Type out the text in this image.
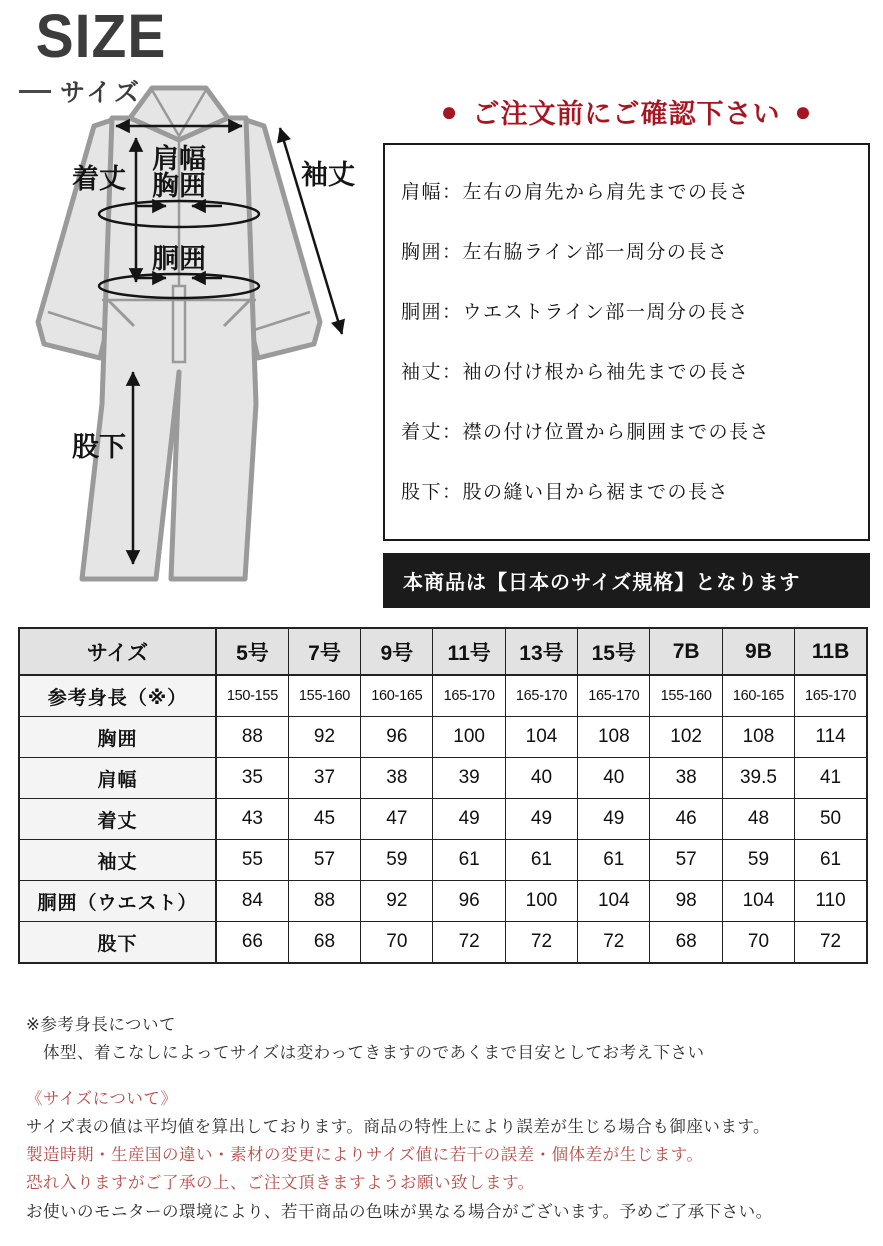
SIZE
サイズ
肩幅
着丈 胸囲
胴囲
袖丈
股下
● ご注文前にご確認下さい ●

肩幅：左右の肩先から肩先までの長さ

胸囲：左右脇ライン部一周分の長さ

胴囲：ウエストライン部一周分の長さ

袖丈：袖の付け根から袖先までの長さ

着丈：襟の付け位置から胴囲までの長さ

股下：股の縫い目から裾までの長さ

本商品は【日本のサイズ規格】となります
サイズ	5号	7号	9号	11号	13号	15号	7B	9B	11B
参考身長（※）	150-155	155-160	160-165	165-170	165-170	165-170	155-160	160-165	165-170
胸囲	88	92	96	100	104	108	102	108	114
肩幅	35	37	38	39	40	40	38	39.5	41
着丈	43	45	47	49	49	49	46	48	50
袖丈	55	57	59	61	61	61	57	59	61
胴囲（ウエスト）	84	88	92	96	100	104	98	104	110
股下	66	68	70	72	72	72	68	70	72

※参考身長について

　体型、着こなしによってサイズは変わってきますのであくまで目安としてお考え下さい

《サイズについて》

サイズ表の値は平均値を算出しております。商品の特性上により誤差が生じる場合も御座います。

製造時期・生産国の違い・素材の変更によりサイズ値に若干の誤差・個体差が生じます。

恐れ入りますがご了承の上、ご注文頂きますようお願い致します。

お使いのモニターの環境により、若干商品の色味が異なる場合がございます。予めご了承下さい。
